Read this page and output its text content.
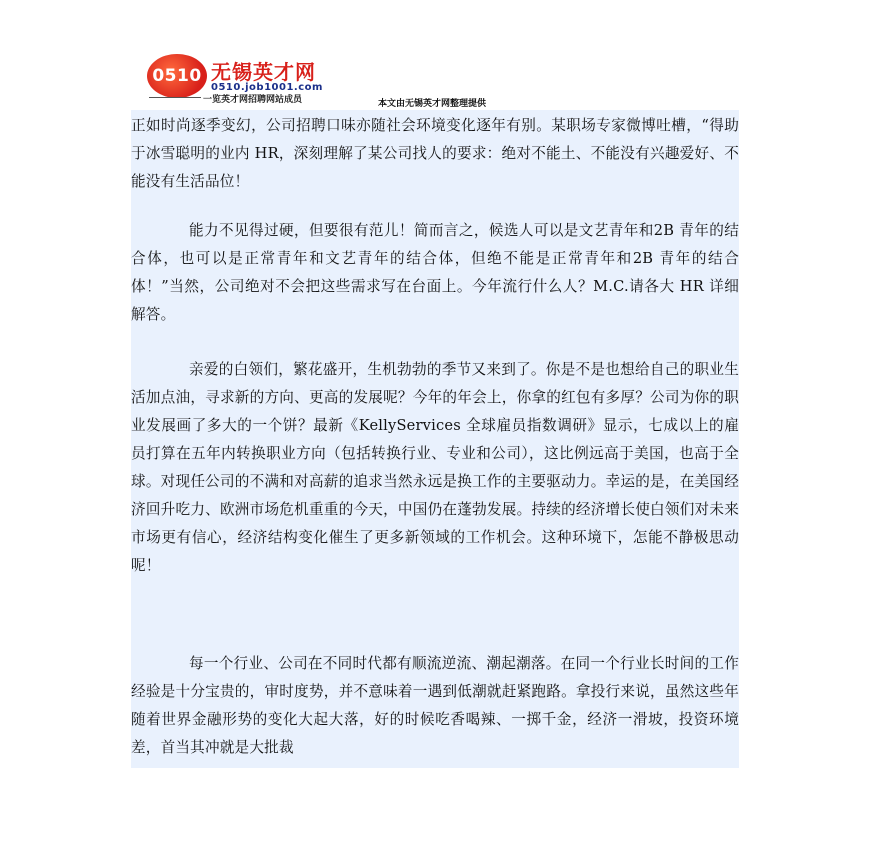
0510 无锡英才网
0510.job1001.com
一览英才网招聘网站成员	本文由无锡英才网整理提供

正如时尚逐季变幻，公司招聘口味亦随社会环境变化逐年有别。某职场专家微博吐槽，“得助于冰雪聪明的业内 HR，深刻理解了某公司找人的要求：绝对不能土、不能没有兴趣爱好、不能没有生活品位！

能力不见得过硬，但要很有范儿！简而言之，候选人可以是文艺青年和2B 青年的结合体，也可以是正常青年和文艺青年的结合体，但绝不能是正常青年和2B 青年的结合体！”当然，公司绝对不会把这些需求写在台面上。今年流行什么人？M.C.请各大 HR 详细解答。

亲爱的白领们，繁花盛开，生机勃勃的季节又来到了。你是不是也想给自己的职业生活加点油，寻求新的方向、更高的发展呢？今年的年会上，你拿的红包有多厚？公司为你的职业发展画了多大的一个饼？最新《KellyServices 全球雇员指数调研》显示，七成以上的雇员打算在五年内转换职业方向（包括转换行业、专业和公司），这比例远高于美国，也高于全球。对现任公司的不满和对高薪的追求当然永远是换工作的主要驱动力。幸运的是，在美国经济回升吃力、欧洲市场危机重重的今天，中国仍在蓬勃发展。持续的经济增长使白领们对未来市场更有信心，经济结构变化催生了更多新领域的工作机会。这种环境下，怎能不静极思动呢！

每一个行业、公司在不同时代都有顺流逆流、潮起潮落。在同一个行业长时间的工作经验是十分宝贵的，审时度势，并不意味着一遇到低潮就赶紧跑路。拿投行来说，虽然这些年随着世界金融形势的变化大起大落，好的时候吃香喝辣、一掷千金，经济一滑坡，投资环境差，首当其冲就是大批裁
